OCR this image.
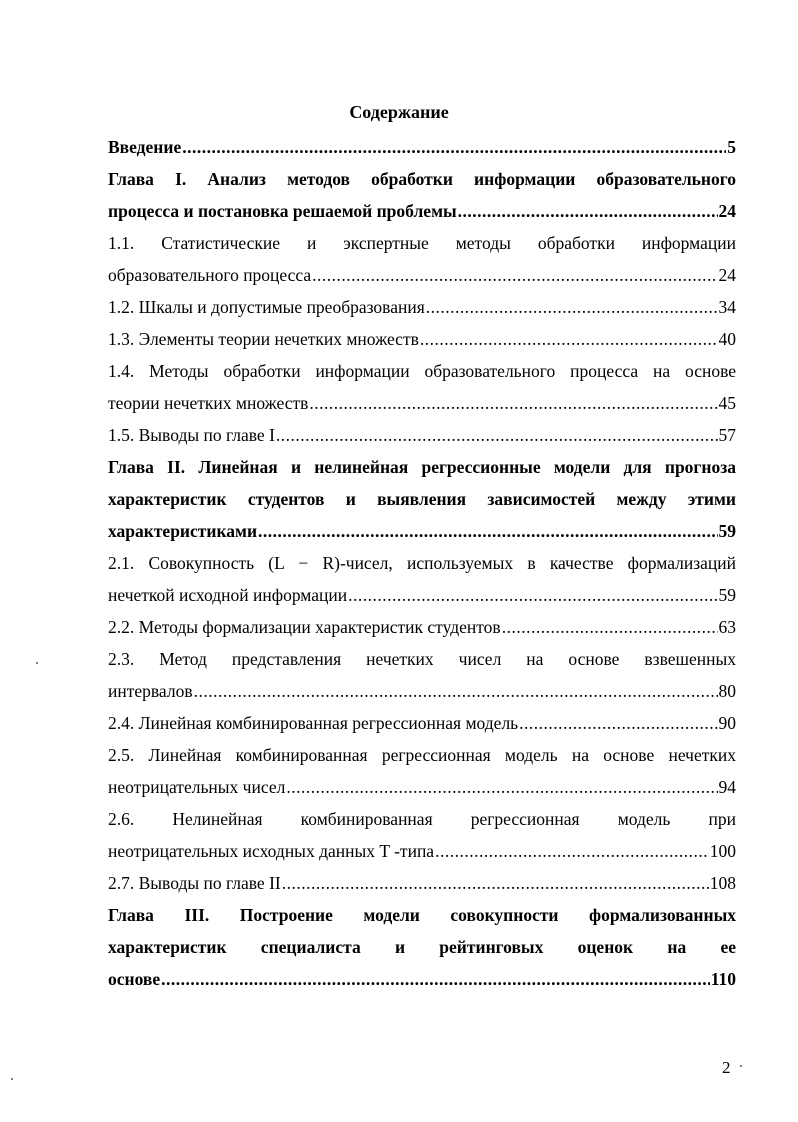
Содержание
Введение .....	5
Глава I. Анализ методов обработки информации образовательного
процесса и постановка решаемой проблемы .....	24
1.1. Статистические и экспертные методы обработки информации
образовательного процесса .....	24
1.2. Шкалы и допустимые преобразования .....	34
1.3. Элементы теории нечетких множеств .....	40
1.4. Методы обработки информации образовательного процесса на основе
теории нечетких множеств .....	45
1.5. Выводы по главе I .....	57
Глава II. Линейная и нелинейная регрессионные модели для прогноза
характеристик студентов и выявления зависимостей между этими
характеристиками .....	59
2.1. Совокупность (L − R)-чисел, используемых в качестве формализаций
нечеткой исходной информации .....	59
2.2. Методы формализации характеристик студентов .....	63
2.3. Метод представления нечетких чисел на основе взвешенных
интервалов .....	80
2.4. Линейная комбинированная регрессионная модель .....	90
2.5. Линейная комбинированная регрессионная модель на основе нечетких
неотрицательных чисел .....	94
2.6. Нелинейная комбинированная регрессионная модель при
неотрицательных исходных данных T -типа .....	100
2.7. Выводы по главе II .....	108
Глава III. Построение модели совокупности формализованных
характеристик специалиста и рейтинговых оценок на ее
основе .....	110
2
